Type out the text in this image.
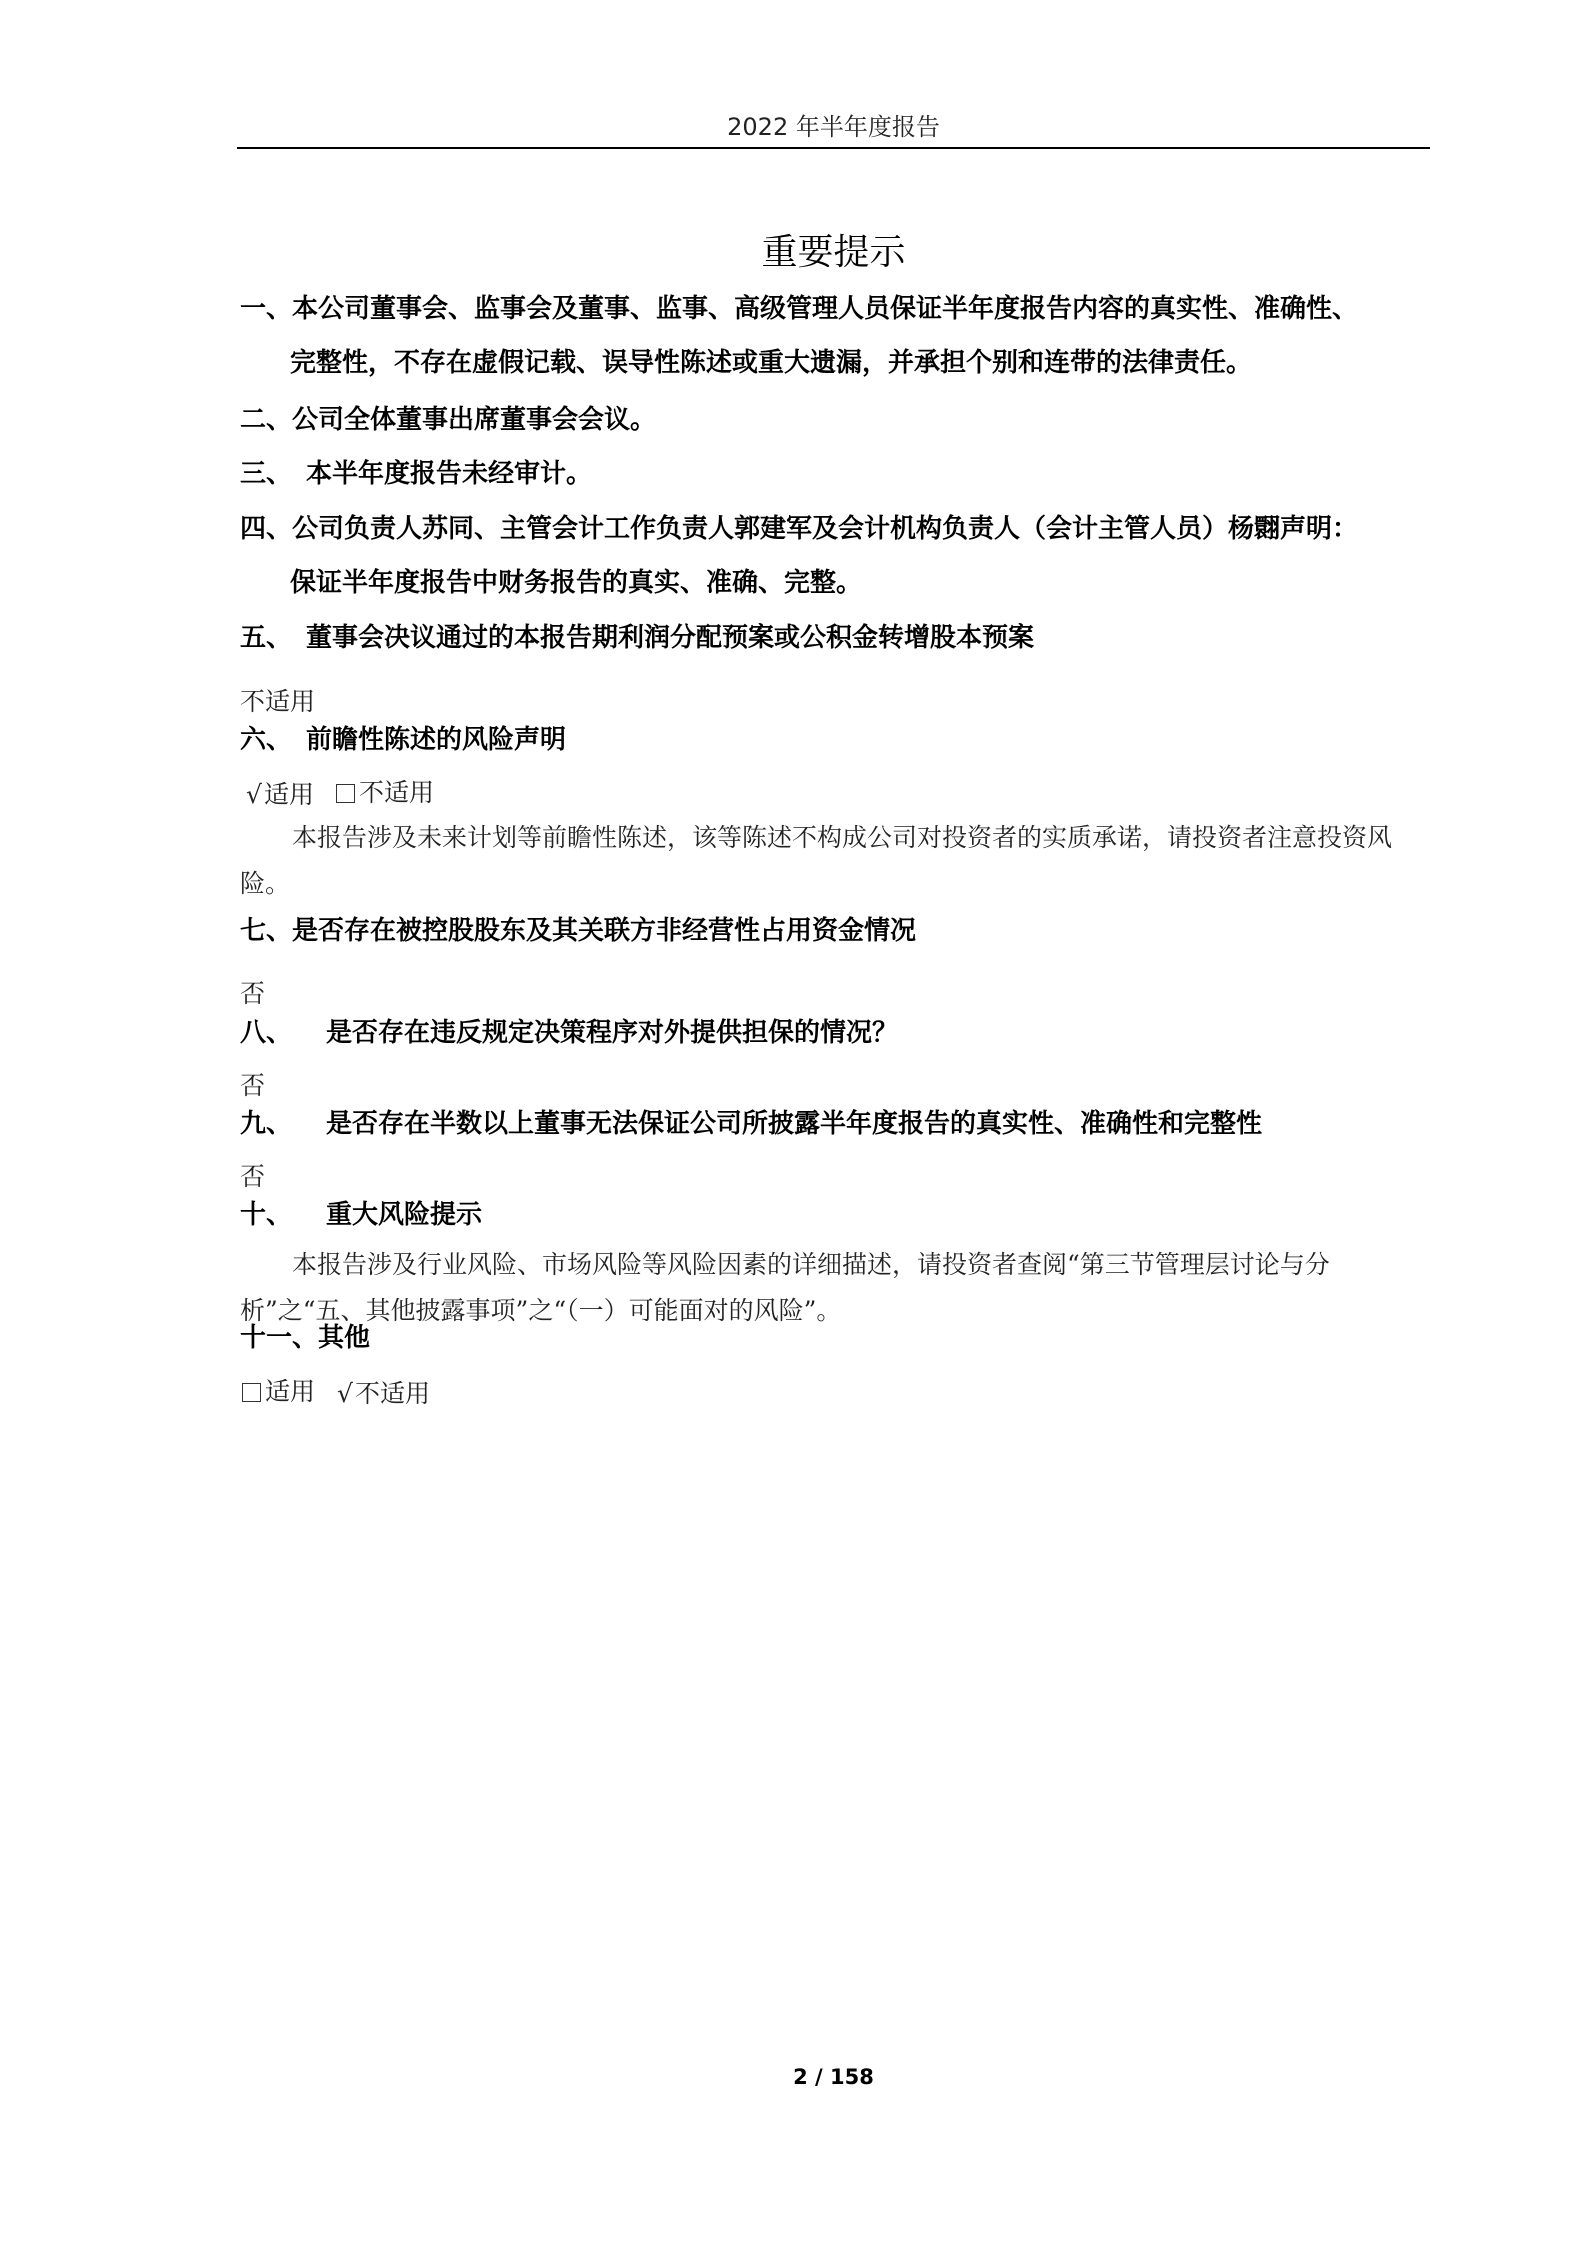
2022 年半年度报告
重要提示
一、本公司董事会、监事会及董事、监事、高级管理人员保证半年度报告内容的真实性、准确性、
完整性，不存在虚假记载、误导性陈述或重大遗漏，并承担个别和连带的法律责任。
二、公司全体董事出席董事会会议。
三、 本半年度报告未经审计。
四、公司负责人苏同、主管会计工作负责人郭建军及会计机构负责人（会计主管人员）杨翾声明：
保证半年度报告中财务报告的真实、准确、完整。
五、 董事会决议通过的本报告期利润分配预案或公积金转增股本预案
不适用
六、 前瞻性陈述的风险声明
√ 适用 不适用

本报告涉及未来计划等前瞻性陈述，该等陈述不构成公司对投资者的实质承诺，请投资者注意投资风险。

七、是否存在被控股股东及其关联方非经营性占用资金情况
否
八、 是否存在违反规定决策程序对外提供担保的情况？
否
九、 是否存在半数以上董事无法保证公司所披露半年度报告的真实性、准确性和完整性
否
十、 重大风险提示

本报告涉及行业风险、市场风险等风险因素的详细描述，请投资者查阅“第三节管理层讨论与分析”之“五、其他披露事项”之“（一）可能面对的风险”。

十一、其他
适用 √ 不适用
2 / 158
